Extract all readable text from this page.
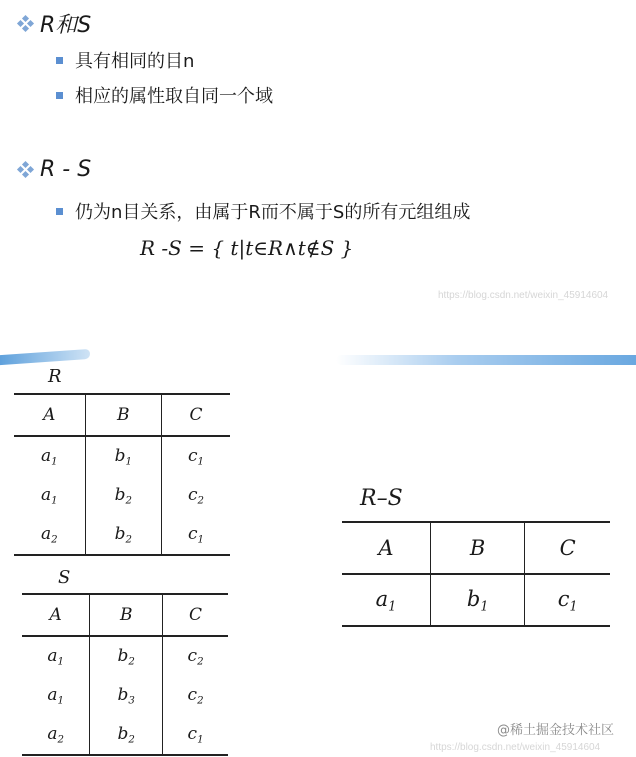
R和S
具有相同的目n
相应的属性取自同一个域
R - S
仍为n目关系，由属于R而不属于S的所有元组组成
R -S = { t|t∈R∧t∉S }
https://blog.csdn.net/weixin_45914604
R
A	B	C
$a_1$	$b_1$	$c_1$
$a_1$	$b_2$	$c_2$
$a_2$	$b_2$	$c_1$
S
A	B	C
$a_1$	$b_2$	$c_2$
$a_1$	$b_3$	$c_2$
$a_2$	$b_2$	$c_1$
R–S
A	B	C
$a_1$	$b_1$	$c_1$
@稀土掘金技术社区
https://blog.csdn.net/weixin_45914604
